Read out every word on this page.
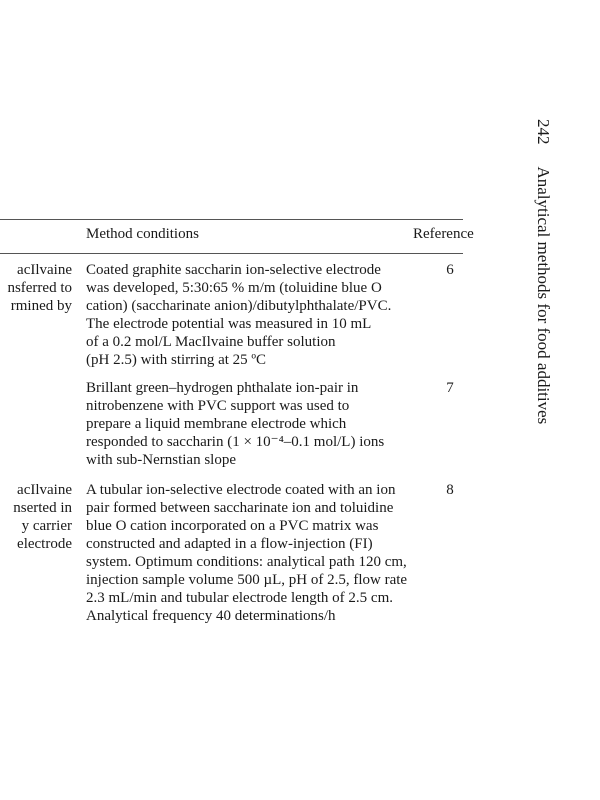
Method conditions	Reference
acIlvaine
nsferred to
rmined by
Coated graphite saccharin ion-selective electrode
was developed, 5:30:65 % m/m (toluidine blue O
cation) (saccharinate anion)/dibutylphthalate/PVC.
The electrode potential was measured in 10 mL
of a 0.2 mol/L MacIlvaine buffer solution
(pH 2.5) with stirring at 25 ºC
6
Brillant green–hydrogen phthalate ion-pair in
nitrobenzene with PVC support was used to
prepare a liquid membrane electrode which
responded to saccharin (1 × 10⁻⁴–0.1 mol/L) ions
with sub-Nernstian slope
7
acIlvaine
nserted in
y carrier
electrode
A tubular ion-selective electrode coated with an ion
pair formed between saccharinate ion and toluidine
blue O cation incorporated on a PVC matrix was
constructed and adapted in a flow-injection (FI)
system. Optimum conditions: analytical path 120 cm,
injection sample volume 500 µL, pH of 2.5, flow rate
2.3 mL/min and tubular electrode length of 2.5 cm.
Analytical frequency 40 determinations/h
8
242Analytical methods for food additives
